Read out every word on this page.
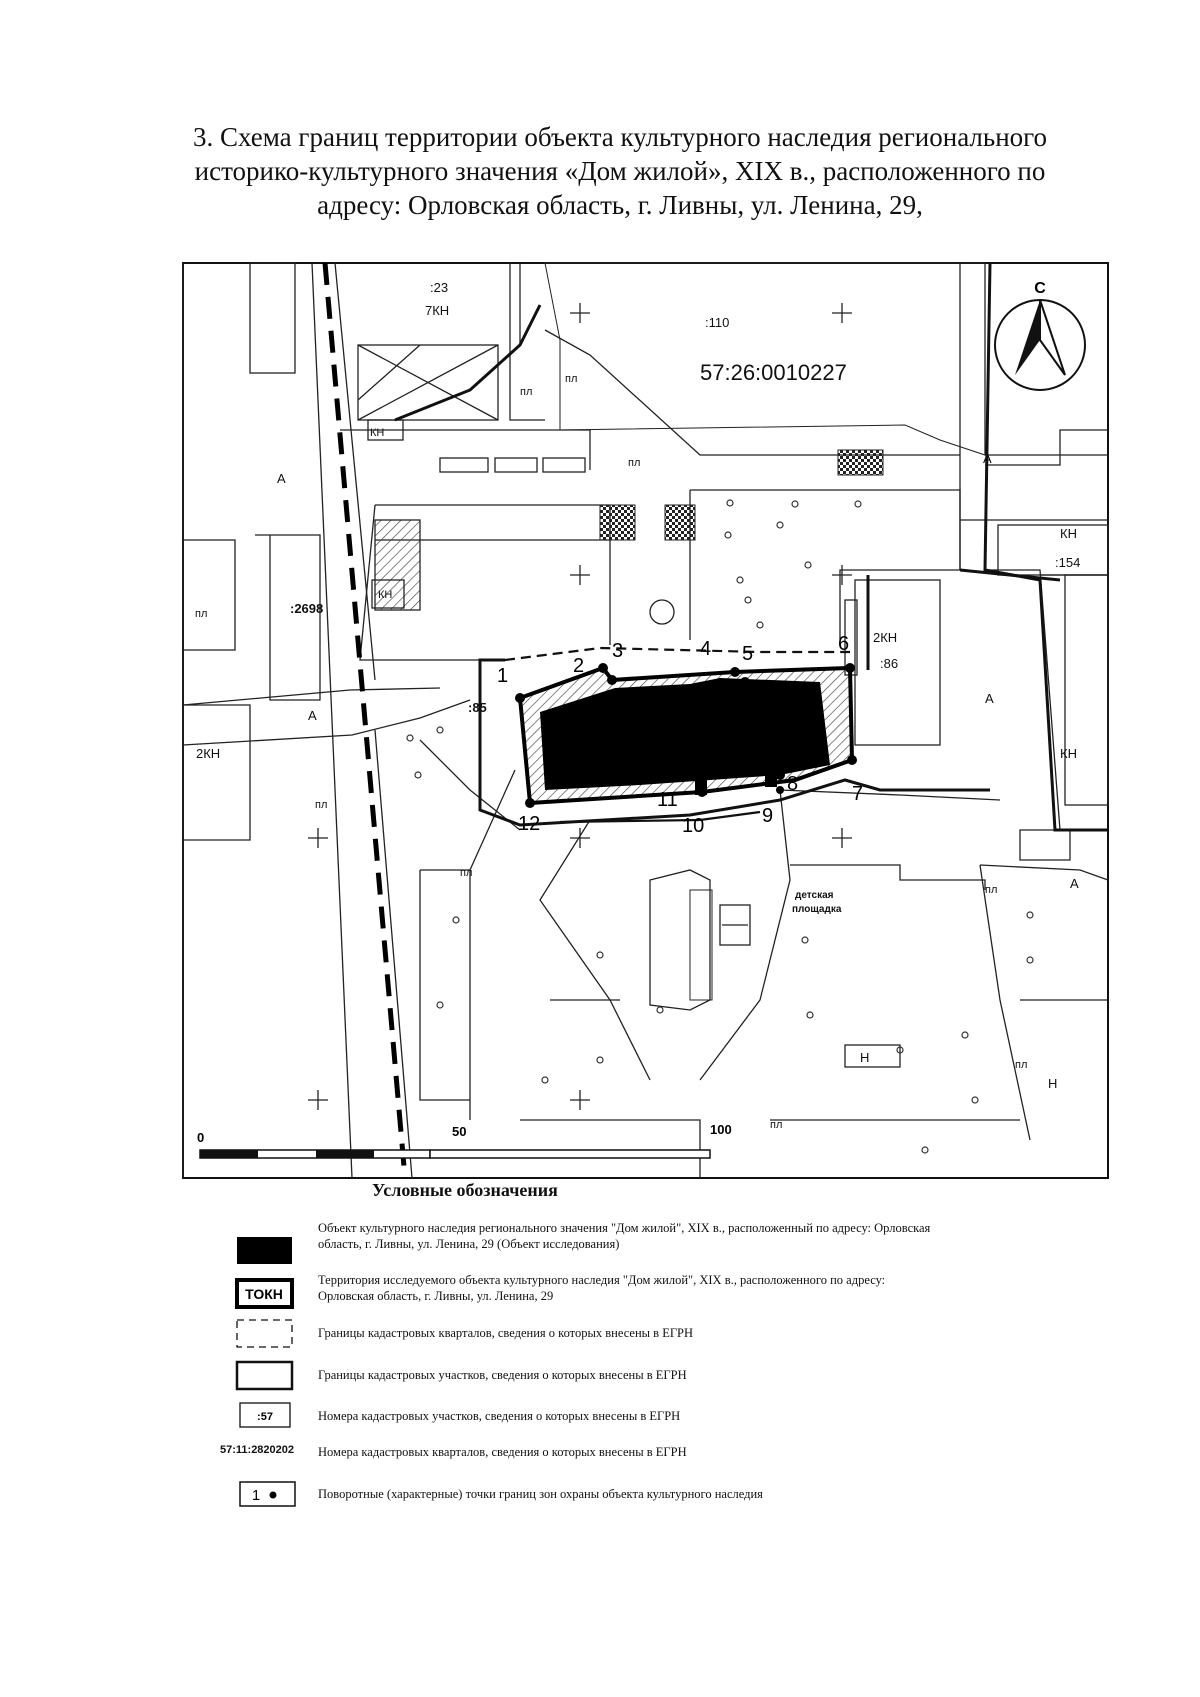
3. Схема границ территории объекта культурного наследия регионального историко-культурного значения «Дом жилой», XIX в., расположенного по адресу: Орловская область, г. Ливны, ул. Ленина, 29,
С
0	50	100
57:26:0010227
:23
:110
:85
:86
:154
:2698
7КН
КН
КН
КН
КН
2КН
2КН
Н
Н
пл
пл
пл
пл
пл
пл
пл
пл
пл
А
А
А
А
А
детская
площадка
1	2
3	4 5	6
7
8
9
10
11
12
ТОКН
:57
1
Условные обозначения
Объект культурного наследия регионального значения "Дом жилой", XIX в., расположенный по адресу: Орловская область, г. Ливны, ул. Ленина, 29 (Объект исследования)
Территория исследуемого объекта культурного наследия "Дом жилой", XIX в., расположенного по адресу: Орловская область, г. Ливны, ул. Ленина, 29
Границы кадастровых кварталов, сведения о которых внесены в ЕГРН
Границы кадастровых участков, сведения о которых внесены в ЕГРН
Номера кадастровых участков, сведения о которых внесены в ЕГРН
57:11:2820202 Номера кадастровых кварталов, сведения о которых внесены в ЕГРН
Поворотные (характерные) точки границ зон охраны объекта культурного наследия
